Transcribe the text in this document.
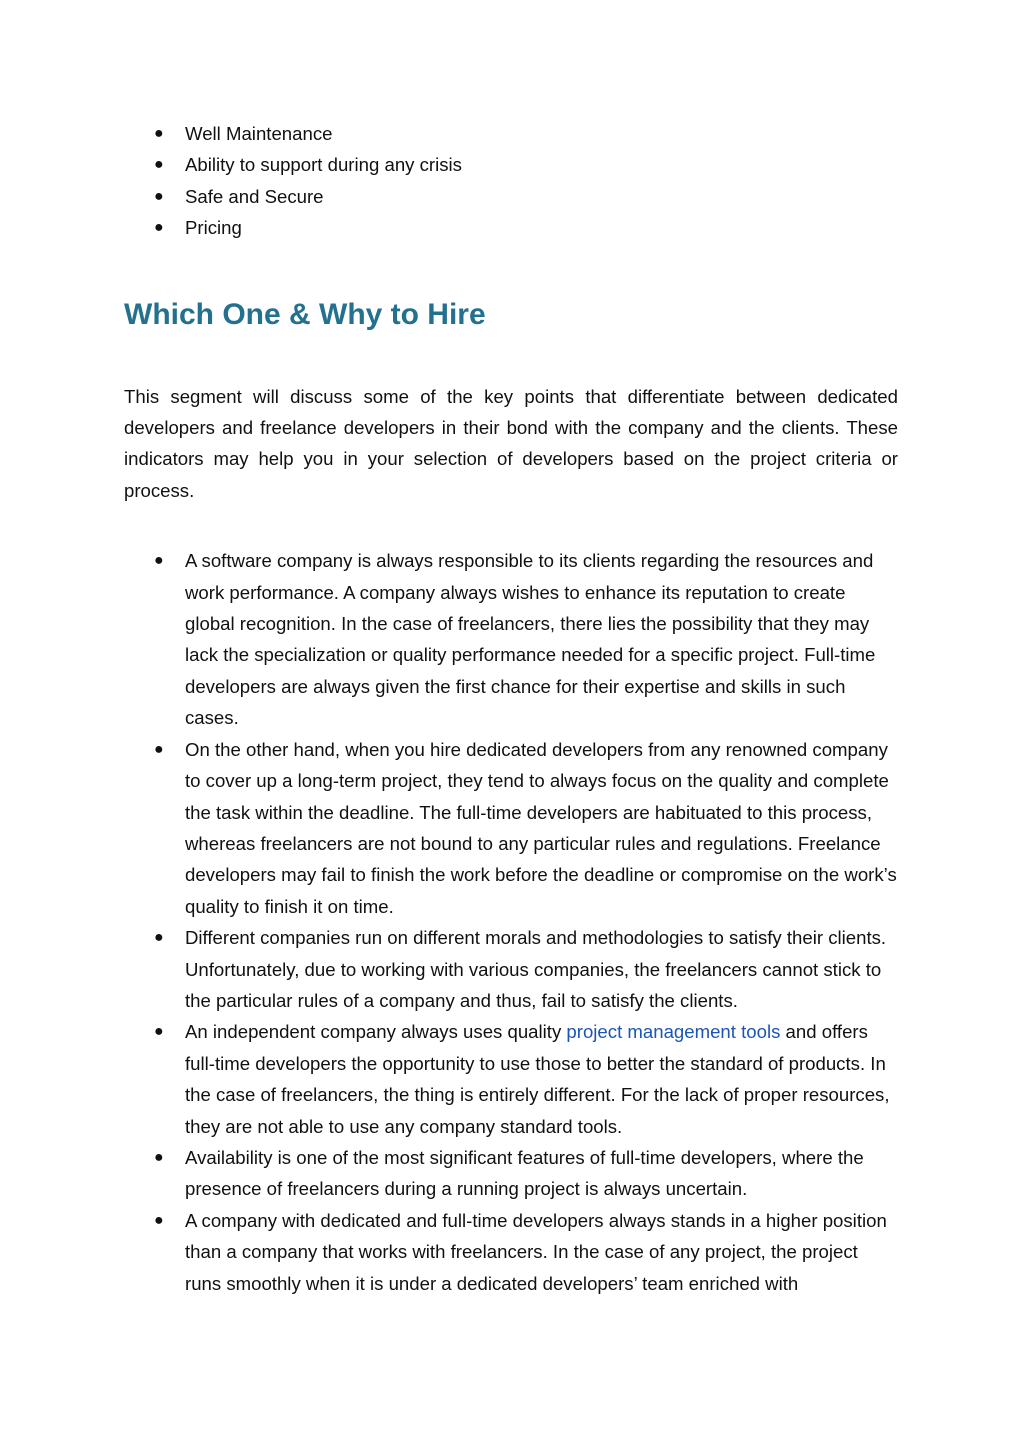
● Well Maintenance
● Ability to support during any crisis
● Safe and Secure
● Pricing
Which One & Why to Hire

This segment will discuss some of the key points that differentiate between dedicated developers and freelance developers in their bond with the company and the clients. These indicators may help you in your selection of developers based on the project criteria or process.

● A software company is always responsible to its clients regarding the resources and work performance. A company always wishes to enhance its reputation to create global recognition. In the case of freelancers, there lies the possibility that they may lack the specialization or quality performance needed for a specific project. Full-time developers are always given the first chance for their expertise and skills in such cases.
● On the other hand, when you hire dedicated developers from any renowned company to cover up a long-term project, they tend to always focus on the quality and complete the task within the deadline. The full-time developers are habituated to this process, whereas freelancers are not bound to any particular rules and regulations. Freelance developers may fail to finish the work before the deadline or compromise on the work’s quality to finish it on time.
● Different companies run on different morals and methodologies to satisfy their clients. Unfortunately, due to working with various companies, the freelancers cannot stick to the particular rules of a company and thus, fail to satisfy the clients.
● An independent company always uses quality project management tools and offers full-time developers the opportunity to use those to better the standard of products. In the case of freelancers, the thing is entirely different. For the lack of proper resources, they are not able to use any company standard tools.
● Availability is one of the most significant features of full-time developers, where the presence of freelancers during a running project is always uncertain.
● A company with dedicated and full-time developers always stands in a higher position than a company that works with freelancers. In the case of any project, the project runs smoothly when it is under a dedicated developers’ team enriched with
